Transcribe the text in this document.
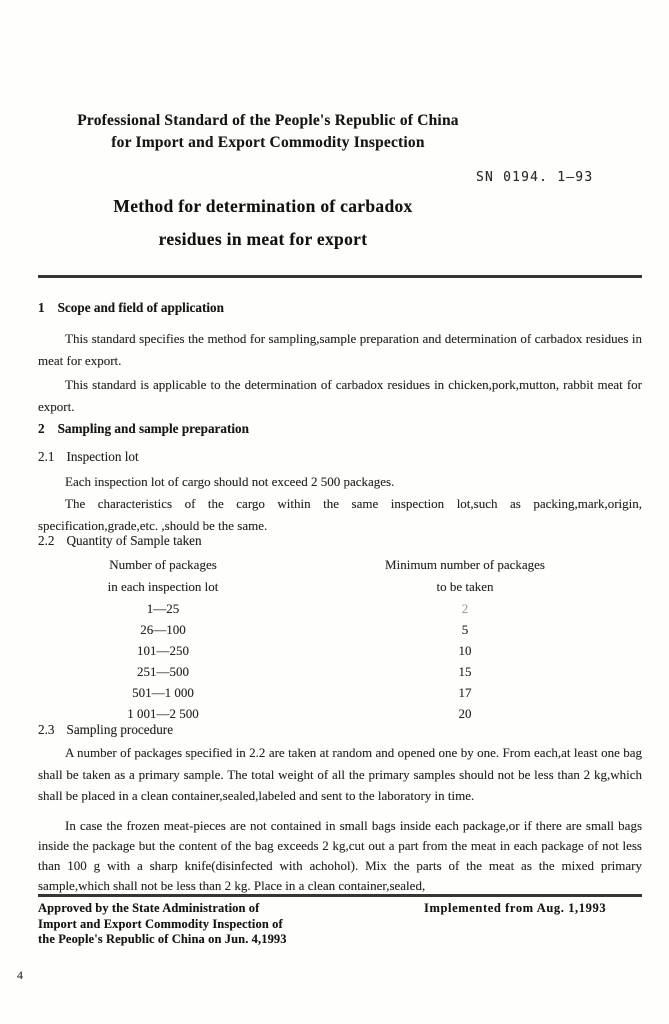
Professional Standard of the People's Republic of China
for Import and Export Commodity Inspection
SN 0194. 1—93
Method for determination of carbadox
residues in meat for export
1 Scope and field of application
This standard specifies the method for sampling,sample preparation and determination of carbadox residues in meat for export.
This standard is applicable to the determination of carbadox residues in chicken,pork,mutton, rabbit meat for export.
2 Sampling and sample preparation
2.1 Inspection lot
Each inspection lot of cargo should not exceed 2 500 packages.
The characteristics of the cargo within the same inspection lot,such as packing,mark,origin, specification,grade,etc. ,should be the same.
2.2 Quantity of Sample taken
Number of packages	Minimum number of packages
in each inspection lot	to be taken
1—25	2
26—100	5
101—250	10
251—500	15
501—1 000	17
1 001—2 500	20
2.3 Sampling procedure
A number of packages specified in 2.2 are taken at random and opened one by one. From each,at least one bag shall be taken as a primary sample. The total weight of all the primary samples should not be less than 2 kg,which shall be placed in a clean container,sealed,labeled and sent to the laboratory in time.
In case the frozen meat-pieces are not contained in small bags inside each package,or if there are small bags inside the package but the content of the bag exceeds 2 kg,cut out a part from the meat in each package of not less than 100 g with a sharp knife(disinfected with achohol). Mix the parts of the meat as the mixed primary sample,which shall not be less than 2 kg. Place in a clean container,sealed,
Approved by the State Administration of
Import and Export Commodity Inspection of
the People's Republic of China on Jun. 4,1993
Implemented from Aug. 1,1993
4
